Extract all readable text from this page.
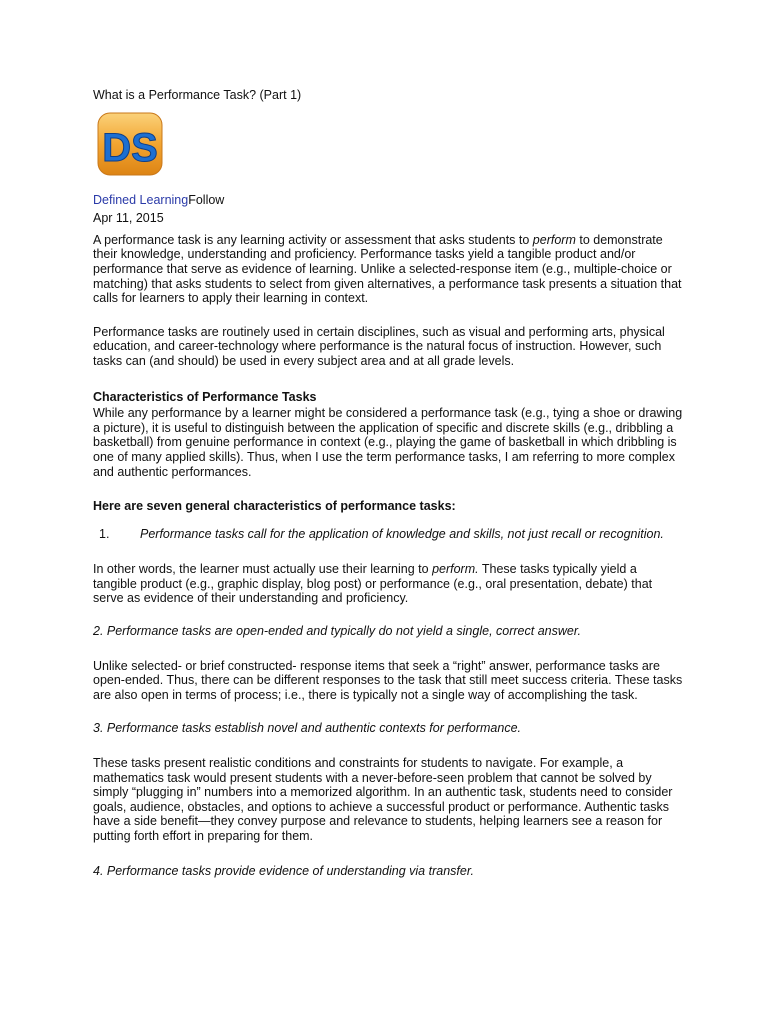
What is a Performance Task? (Part 1)
DS
Defined LearningFollow
Apr 11, 2015

A performance task is any learning activity or assessment that asks students to perform to demonstrate their knowledge, understanding and proficiency. Performance tasks yield a tangible product and/or performance that serve as evidence of learning. Unlike a selected-response item (e.g., multiple-choice or matching) that asks students to select from given alternatives, a performance task presents a situation that calls for learners to apply their learning in context.

Performance tasks are routinely used in certain disciplines, such as visual and performing arts, physical education, and career-technology where performance is the natural focus of instruction. However, such tasks can (and should) be used in every subject area and at all grade levels.

Characteristics of Performance Tasks

While any performance by a learner might be considered a performance task (e.g., tying a shoe or drawing a picture), it is useful to distinguish between the application of specific and discrete skills (e.g., dribbling a basketball) from genuine performance in context (e.g., playing the game of basketball in which dribbling is one of many applied skills). Thus, when I use the term performance tasks, I am referring to more complex and authentic performances.

Here are seven general characteristics of performance tasks:
1.	Performance tasks call for the application of knowledge and skills, not just recall or recognition.

In other words, the learner must actually use their learning to perform. These tasks typically yield a tangible product (e.g., graphic display, blog post) or performance (e.g., oral presentation, debate) that serve as evidence of their understanding and proficiency.

2. Performance tasks are open-ended and typically do not yield a single, correct answer.

Unlike selected- or brief constructed- response items that seek a “right” answer, performance tasks are open-ended. Thus, there can be different responses to the task that still meet success criteria. These tasks are also open in terms of process; i.e., there is typically not a single way of accomplishing the task.

3. Performance tasks establish novel and authentic contexts for performance.

These tasks present realistic conditions and constraints for students to navigate. For example, a mathematics task would present students with a never-before-seen problem that cannot be solved by simply “plugging in” numbers into a memorized algorithm. In an authentic task, students need to consider goals, audience, obstacles, and options to achieve a successful product or performance. Authentic tasks have a side benefit—they convey purpose and relevance to students, helping learners see a reason for putting forth effort in preparing for them.

4. Performance tasks provide evidence of understanding via transfer.
